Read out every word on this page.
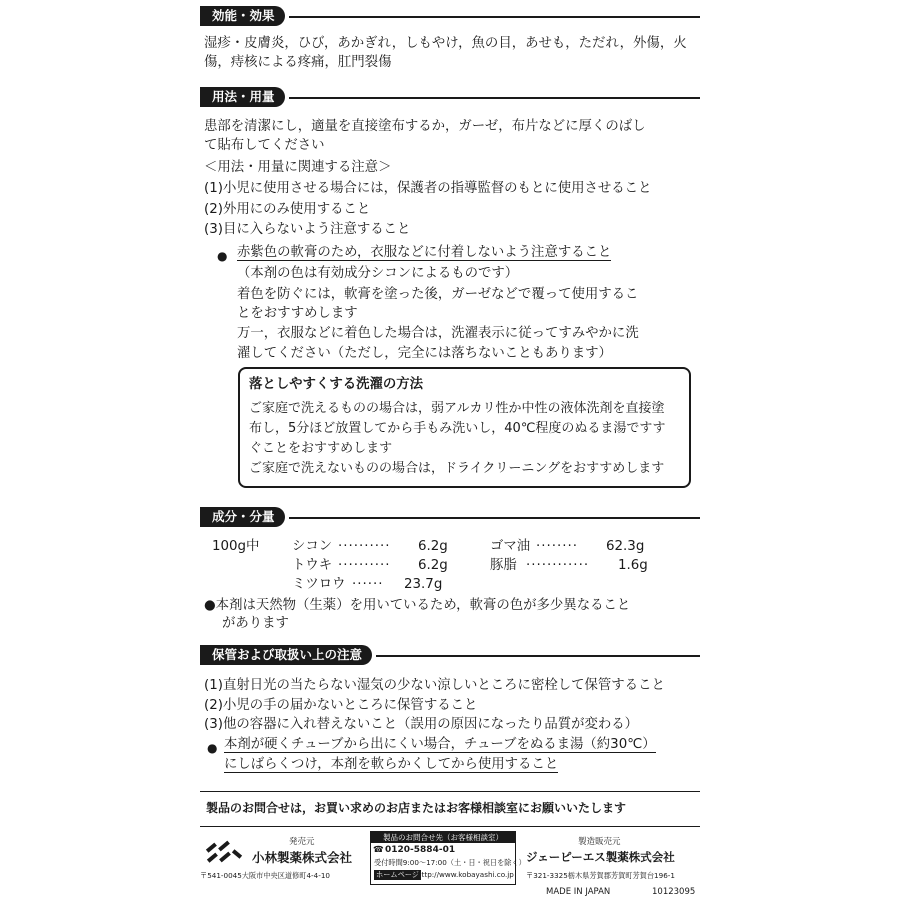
効能・効果
湿疹・皮膚炎，ひび，あかぎれ，しもやけ，魚の目，あせも，ただれ，外傷，火
傷，痔核による疼痛，肛門裂傷
用法・用量
患部を清潔にし，適量を直接塗布するか，ガーゼ，布片などに厚くのばし
て貼布してください
＜用法・用量に関連する注意＞
(1)小児に使用させる場合には，保護者の指導監督のもとに使用させること
(2)外用にのみ使用すること
(3)目に入らないよう注意すること
● 赤紫色の軟膏のため，衣服などに付着しないよう注意すること
（本剤の色は有効成分シコンによるものです）
着色を防ぐには，軟膏を塗った後，ガーゼなどで覆って使用するこ
とをおすすめします
万一，衣服などに着色した場合は，洗濯表示に従ってすみやかに洗
濯してください（ただし，完全には落ちないこともあります）
落としやすくする洗濯の方法
ご家庭で洗えるものの場合は，弱アルカリ性か中性の液体洗剤を直接塗
布し，5分ほど放置してから手もみ洗いし，40℃程度のぬるま湯ですす
ぐことをおすすめします
ご家庭で洗えないものの場合は，ドライクリーニングをおすすめします
成分・分量
100g中 シコン ·········· 6.2g
トウキ ·········· 6.2g
ミツロウ ······ 23.7g
ゴマ油 ········ 62.3g
豚脂 ············ 1.6g
●本剤は天然物（生薬）を用いているため，軟膏の色が多少異なること
があります
保管および取扱い上の注意
(1)直射日光の当たらない湿気の少ない涼しいところに密栓して保管すること
(2)小児の手の届かないところに保管すること
(3)他の容器に入れ替えないこと（誤用の原因になったり品質が変わる）
● 本剤が硬くチューブから出にくい場合，チューブをぬるま湯（約30℃）
にしばらくつけ，本剤を軟らかくしてから使用すること
製品のお問合せは，お買い求めのお店またはお客様相談室にお願いいたします
発売元
小林製薬株式会社
〒541-0045大阪市中央区道修町4-4-10
製品のお問合せ先（お客様相談室）
☎ 0120-5884-01
受付時間9:00〜17:00（土・日・祝日を除く）
ホームページ
http://www.kobayashi.co.jp
製造販売元
ジェーピーエス製薬株式会社
〒321-3325栃木県芳賀郡芳賀町芳賀台196-1
MADE IN JAPAN	10123095
